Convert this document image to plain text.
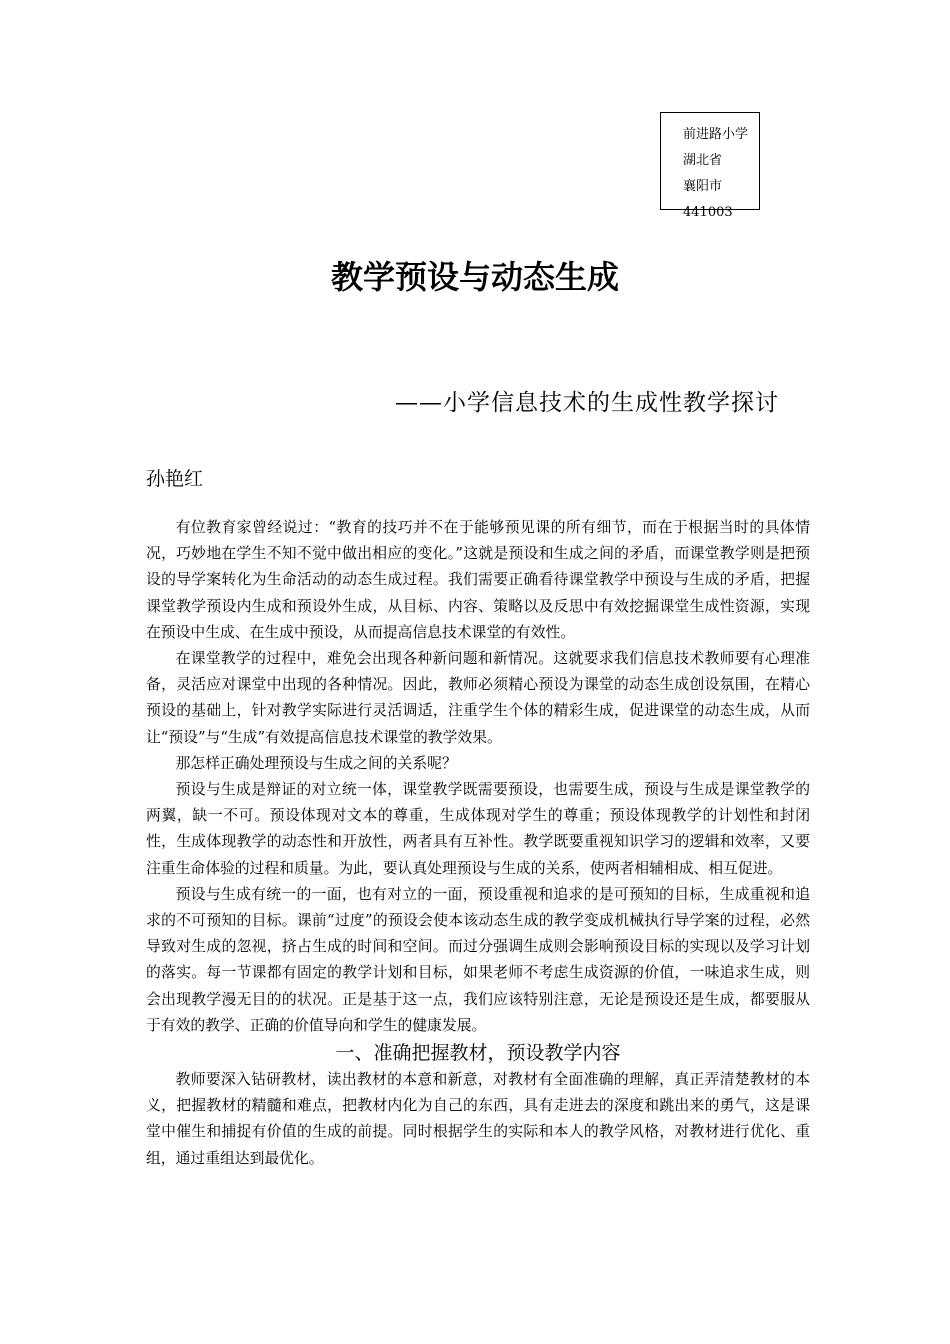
前进路小学
湖北省
襄阳市
441003
教学预设与动态生成
——小学信息技术的生成性教学探讨
孙艳红

有位教育家曾经说过：“教育的技巧并不在于能够预见课的所有细节，而在于根据当时的具体情况，巧妙地在学生不知不觉中做出相应的变化。”这就是预设和生成之间的矛盾，而课堂教学则是把预设的导学案转化为生命活动的动态生成过程。我们需要正确看待课堂教学中预设与生成的矛盾，把握课堂教学预设内生成和预设外生成，从目标、内容、策略以及反思中有效挖掘课堂生成性资源，实现在预设中生成、在生成中预设，从而提高信息技术课堂的有效性。

在课堂教学的过程中，难免会出现各种新问题和新情况。这就要求我们信息技术教师要有心理准备，灵活应对课堂中出现的各种情况。因此，教师必须精心预设为课堂的动态生成创设氛围，在精心预设的基础上，针对教学实际进行灵活调适，注重学生个体的精彩生成，促进课堂的动态生成，从而让“预设”与“生成”有效提高信息技术课堂的教学效果。

那怎样正确处理预设与生成之间的关系呢？

预设与生成是辩证的对立统一体，课堂教学既需要预设，也需要生成，预设与生成是课堂教学的两翼，缺一不可。预设体现对文本的尊重，生成体现对学生的尊重；预设体现教学的计划性和封闭性，生成体现教学的动态性和开放性，两者具有互补性。教学既要重视知识学习的逻辑和效率，又要注重生命体验的过程和质量。为此，要认真处理预设与生成的关系，使两者相辅相成、相互促进。

预设与生成有统一的一面，也有对立的一面，预设重视和追求的是可预知的目标，生成重视和追求的不可预知的目标。课前“过度”的预设会使本该动态生成的教学变成机械执行导学案的过程，必然导致对生成的忽视，挤占生成的时间和空间。而过分强调生成则会影响预设目标的实现以及学习计划的落实。每一节课都有固定的教学计划和目标，如果老师不考虑生成资源的价值，一味追求生成，则会出现教学漫无目的的状况。正是基于这一点，我们应该特别注意，无论是预设还是生成，都要服从于有效的教学、正确的价值导向和学生的健康发展。

一、准确把握教材，预设教学内容

教师要深入钻研教材，读出教材的本意和新意，对教材有全面准确的理解，真正弄清楚教材的本义，把握教材的精髓和难点，把教材内化为自己的东西，具有走进去的深度和跳出来的勇气，这是课堂中催生和捕捉有价值的生成的前提。同时根据学生的实际和本人的教学风格，对教材进行优化、重组，通过重组达到最优化。
